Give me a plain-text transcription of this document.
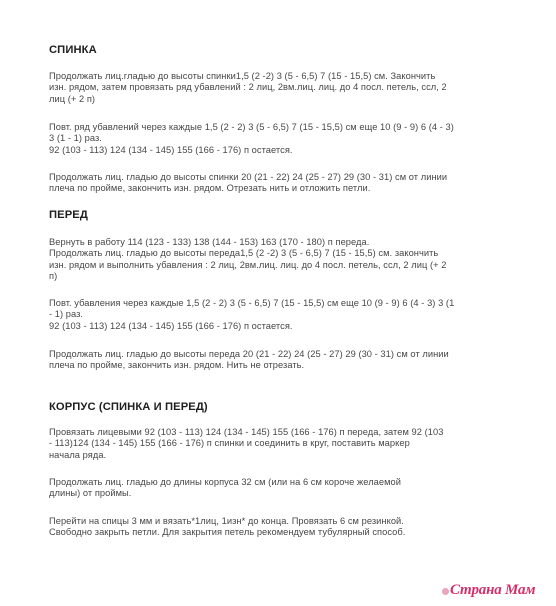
СПИНКА
Продолжать лиц.гладью до высоты спинки1,5 (2 -2) 3 (5 - 6,5) 7 (15 - 15,5) см. Закончить
изн. рядом, затем провязать ряд убавлений : 2 лиц, 2вм.лиц. лиц. до 4 посл. петель, ссл, 2
лиц (+ 2 п)
Повт. ряд убавлений через каждые 1,5 (2 - 2) 3 (5 - 6,5) 7 (15 - 15,5) см еще 10 (9 - 9) 6 (4 - 3)
3 (1 - 1) раз.
92 (103 - 113) 124 (134 - 145) 155 (166 - 176) п остается.
Продолжать лиц. гладью до высоты спинки 20 (21 - 22) 24 (25 - 27) 29 (30 - 31) см от линии
плеча по пройме, закончить изн. рядом. Отрезать нить и отложить петли.
ПЕРЕД
Вернуть в работу 114 (123 - 133) 138 (144 - 153) 163 (170 - 180) п переда.
Продолжать лиц. гладью до высоты переда1,5 (2 -2) 3 (5 - 6,5) 7 (15 - 15,5) см. закончить
изн. рядом и выполнить убавления : 2 лиц, 2вм.лиц. лиц. до 4 посл. петель, ссл, 2 лиц (+ 2
п)
Повт. убавления через каждые 1,5 (2 - 2) 3 (5 - 6,5) 7 (15 - 15,5) см еще 10 (9 - 9) 6 (4 - 3) 3 (1
- 1) раз.
92 (103 - 113) 124 (134 - 145) 155 (166 - 176) п остается.
Продолжать лиц. гладью до высоты переда 20 (21 - 22) 24 (25 - 27) 29 (30 - 31) см от линии
плеча по пройме, закончить изн. рядом. Нить не отрезать.
КОРПУС (СПИНКА И ПЕРЕД)
Провязать лицевыми 92 (103 - 113) 124 (134 - 145) 155 (166 - 176) п переда, затем 92 (103
- 113)124 (134 - 145) 155 (166 - 176) п спинки и соединить в круг, поставить маркер
начала ряда.
Продолжать лиц. гладью до длины корпуса 32 см (или на 6 см короче желаемой
длины) от проймы.
Перейти на спицы 3 мм и вязать*1лиц, 1изн* до конца. Провязать 6 см резинкой.
Свободно закрыть петли. Для закрытия петель рекомендуем тубулярный способ.
Страна Мам
